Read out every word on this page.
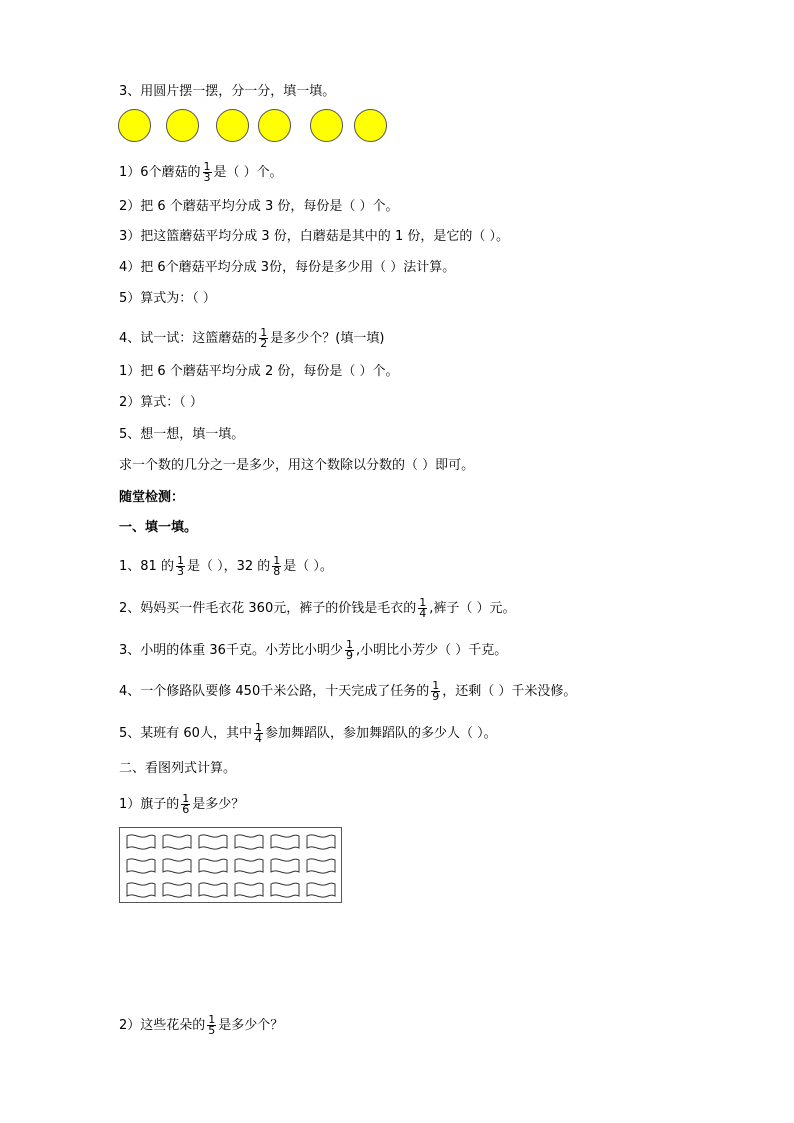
3、用圆片摆一摆，分一分，填一填。
1）6个蘑菇的 $\frac{1}{3}$ 是（ ）个。
2）把 6 个蘑菇平均分成 3 份，每份是（ ）个。
3）把这篮蘑菇平均分成 3 份，白蘑菇是其中的 1 份，是它的（ ）。
4）把 6个蘑菇平均分成 3份，每份是多少用（ ）法计算。
5）算式为：（ ）
4、试一试：这篮蘑菇的 $\frac{1}{2}$ 是多少个？(填一填)
1）把 6 个蘑菇平均分成 2 份，每份是（ ）个。
2）算式：（ ）
5、想一想，填一填。
求一个数的几分之一是多少，用这个数除以分数的（ ）即可。
随堂检测：
一、填一填。
1、81 的 $\frac{1}{3}$ 是（ ），32 的 $\frac{1}{8}$ 是（ ）。
2、妈妈买一件毛衣花 360元，裤子的价钱是毛衣的 $\frac{1}{4}$ ,裤子（ ）元。
3、小明的体重 36千克。小芳比小明少 $\frac{1}{9}$ ,小明比小芳少（ ）千克。
4、一个修路队要修 450千米公路，十天完成了任务的 $\frac{1}{9}$ ，还剩（ ）千米没修。
5、某班有 60人，其中 $\frac{1}{4}$ 参加舞蹈队，参加舞蹈队的多少人（ ）。
二、看图列式计算。
1）旗子的 $\frac{1}{6}$ 是多少？
2）这些花朵的 $\frac{1}{5}$ 是多少个？
